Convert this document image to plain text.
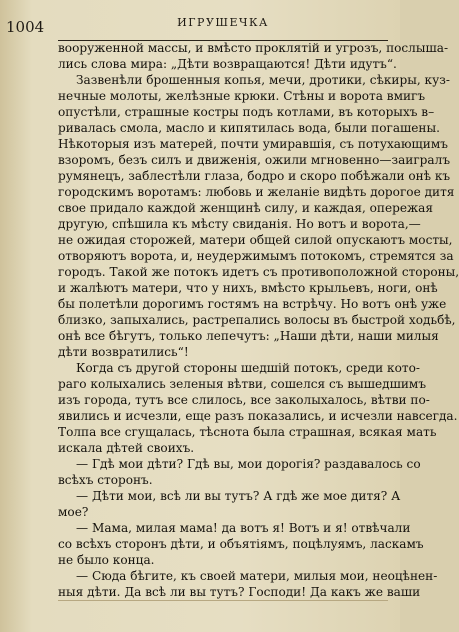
1004	ИГРУШЕЧКА
вооруженной массы, и вмѣсто проклятій и угрозъ, послыша-
лись слова мира: „Дѣти возвращаются! Дѣти идутъ“.
Зазвенѣли брошенныя копья, мечи, дротики, сѣкиры, куз-
нечные молоты, желѣзные крюки. Стѣны и ворота вмигъ
опустѣли, страшные костры подъ котлами, въ которыхъ в–
ривалась смола, масло и кипятилась вода, были погашены.
Нѣкоторыя изъ матерей, почти умиравшія, съ потухающимъ
взоромъ, безъ силъ и движенія, ожили мгновенно—заигралъ
румянецъ, заблестѣли глаза, бодро и скоро побѣжали онѣ къ
городскимъ воротамъ: любовь и желаніе видѣть дорогое дитя
свое придало каждой женщинѣ силу, и каждая, опережая
другую, спѣшила къ мѣсту свиданія. Но вотъ и ворота,—
не ожидая сторожей, матери общей силой опускаютъ мосты,
отворяютъ ворота, и, неудержимымъ потокомъ, стремятся за
городъ. Такой же потокъ идетъ съ противоположной стороны,
и жалѣютъ матери, что у нихъ, вмѣсто крыльевъ, ноги, онѣ
бы полетѣли дорогимъ гостямъ на встрѣчу. Но вотъ онѣ уже
близко, запыхались, растрепались волосы въ быстрой ходьбѣ,
онѣ все бѣгутъ, только лепечутъ: „Наши дѣти, наши милыя
дѣти возвратились“!
Когда съ другой стороны шедшій потокъ, среди кото-
раго колыхались зеленыя вѣтви, сошелся съ вышедшимъ
изъ города, тутъ все слилось, все заколыхалось, вѣтви по-
явились и исчезли, еще разъ показались, и исчезли навсегда.
Толпа все сгущалась, тѣснота была страшная, всякая мать
искала дѣтей своихъ.
— Гдѣ мои дѣти? Гдѣ вы, мои дорогія? раздавалось со
всѣхъ сторонъ.
— Дѣти мои, всѣ ли вы тутъ? А гдѣ же мое дитя? А
мое?
— Мама, милая мама! да вотъ я! Вотъ и я! отвѣчали
со всѣхъ сторонъ дѣти, и объятіямъ, поцѣлуямъ, ласкамъ
не было конца.
— Сюда бѣгите, къ своей матери, милыя мои, неоцѣнен-
ныя дѣти. Да всѣ ли вы тутъ? Господи! Да какъ же ваши
